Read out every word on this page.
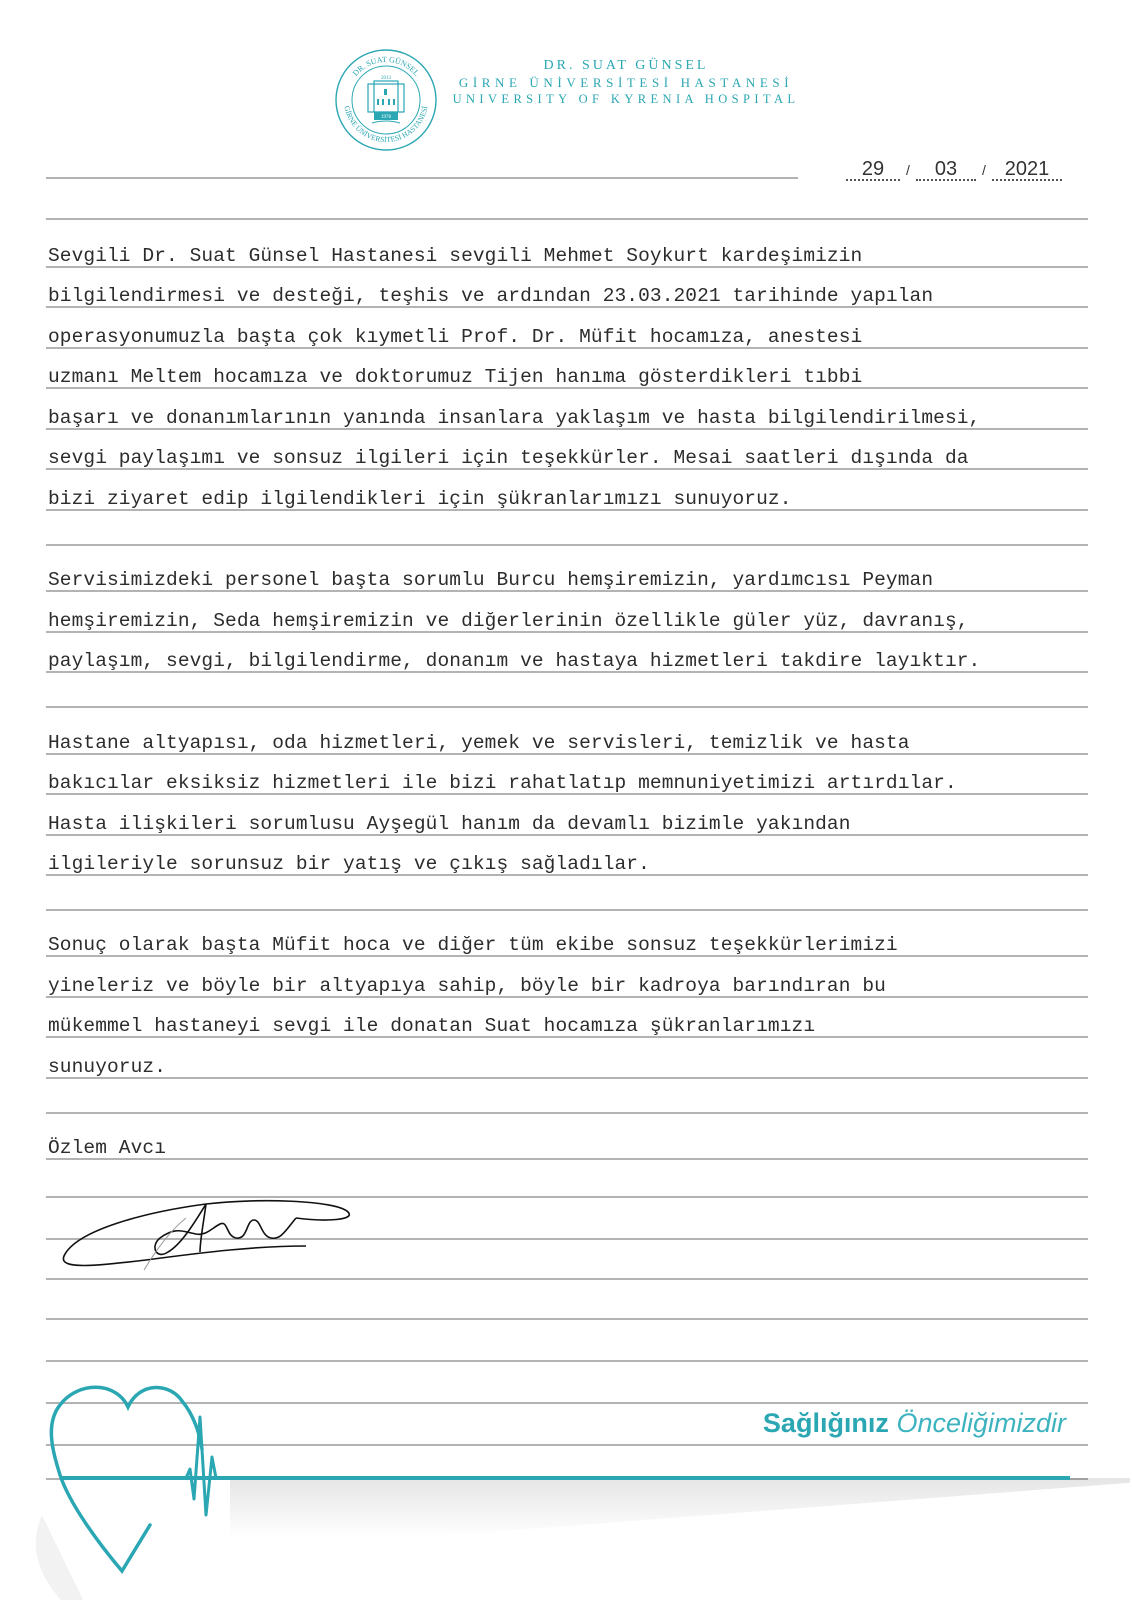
DR. SUAT GÜNSEL
GİRNE ÜNİVERSİTESİ HASTANESİ
2013
1978
DR. SUAT GÜNSEL
GİRNE ÜNİVERSİTESİ HASTANESİ
UNIVERSITY OF KYRENIA HOSPITAL
29 / 03 / 2021
Sevgili Dr. Suat Günsel Hastanesi sevgili Mehmet Soykurt kardeşimizin
bilgilendirmesi ve desteği, teşhis ve ardından 23.03.2021 tarihinde yapılan
operasyonumuzla başta çok kıymetli Prof. Dr. Müfit hocamıza, anestesi
uzmanı Meltem hocamıza ve doktorumuz Tijen hanıma gösterdikleri tıbbi
başarı ve donanımlarının yanında insanlara yaklaşım ve hasta bilgilendirilmesi,
sevgi paylaşımı ve sonsuz ilgileri için teşekkürler. Mesai saatleri dışında da
bizi ziyaret edip ilgilendikleri için şükranlarımızı sunuyoruz.
Servisimizdeki personel başta sorumlu Burcu hemşiremizin, yardımcısı Peyman
hemşiremizin, Seda hemşiremizin ve diğerlerinin özellikle güler yüz, davranış,
paylaşım, sevgi, bilgilendirme, donanım ve hastaya hizmetleri takdire layıktır.
Hastane altyapısı, oda hizmetleri, yemek ve servisleri, temizlik ve hasta
bakıcılar eksiksiz hizmetleri ile bizi rahatlatıp memnuniyetimizi artırdılar.
Hasta ilişkileri sorumlusu Ayşegül hanım da devamlı bizimle yakından
ilgileriyle sorunsuz bir yatış ve çıkış sağladılar.
Sonuç olarak başta Müfit hoca ve diğer tüm ekibe sonsuz teşekkürlerimizi
yineleriz ve böyle bir altyapıya sahip, böyle bir kadroya barındıran bu
mükemmel hastaneyi sevgi ile donatan Suat hocamıza şükranlarımızı
sunuyoruz.
Özlem Avcı
Sağlığınız Önceliğimizdir
